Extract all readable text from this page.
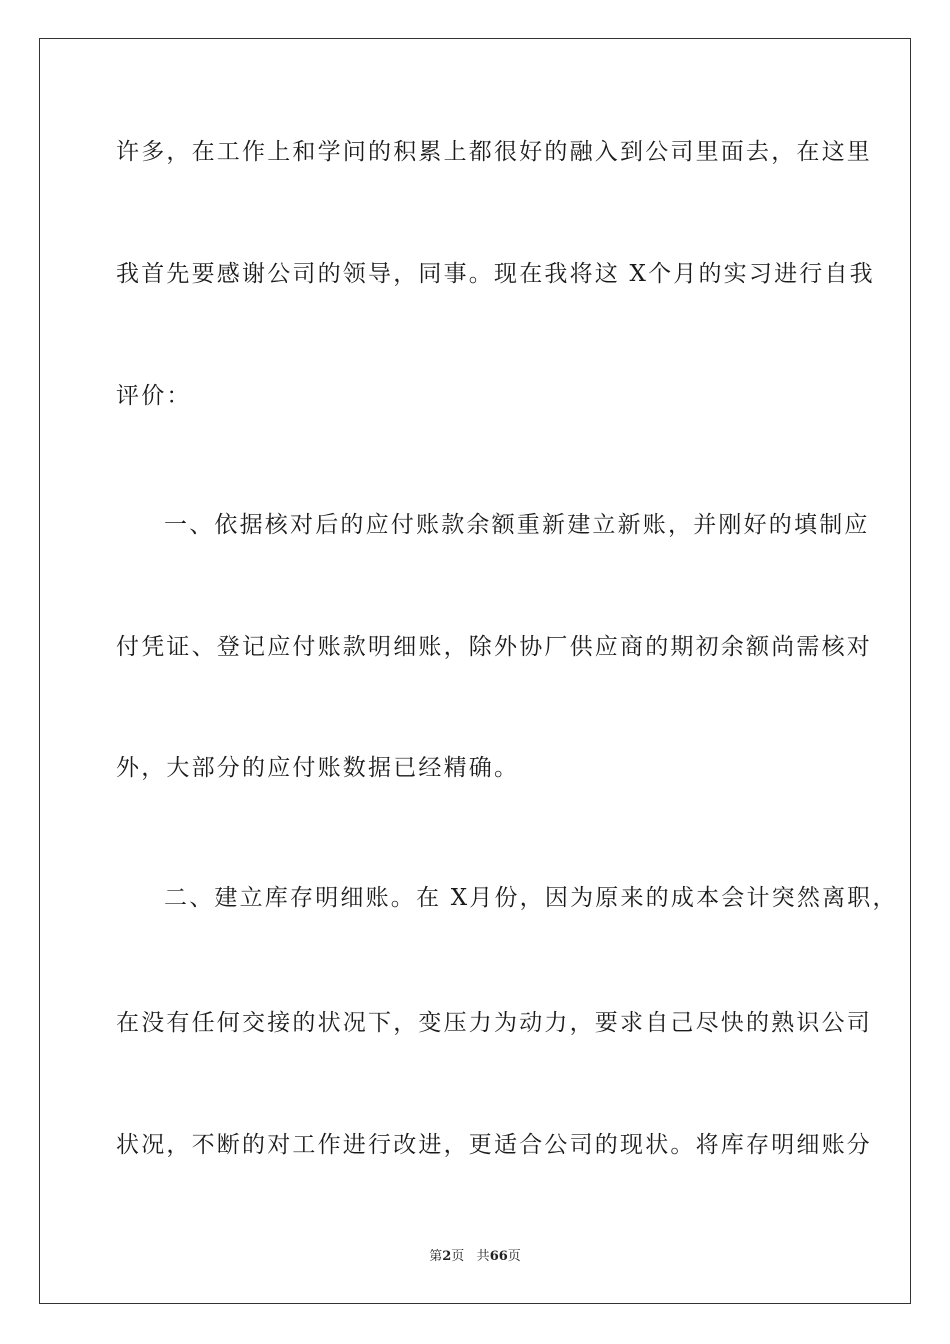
许多，在工作上和学问的积累上都很好的融入到公司里面去，在这里
我首先要感谢公司的领导，同事。现在我将这 X个月的实习进行自我
评价：
一、依据核对后的应付账款余额重新建立新账，并刚好的填制应
付凭证、登记应付账款明细账，除外协厂供应商的期初余额尚需核对
外，大部分的应付账数据已经精确。
二、建立库存明细账。在 X月份，因为原来的成本会计突然离职，
在没有任何交接的状况下，变压力为动力，要求自己尽快的熟识公司
状况，不断的对工作进行改进，更适合公司的现状。将库存明细账分
第2页 共66页
